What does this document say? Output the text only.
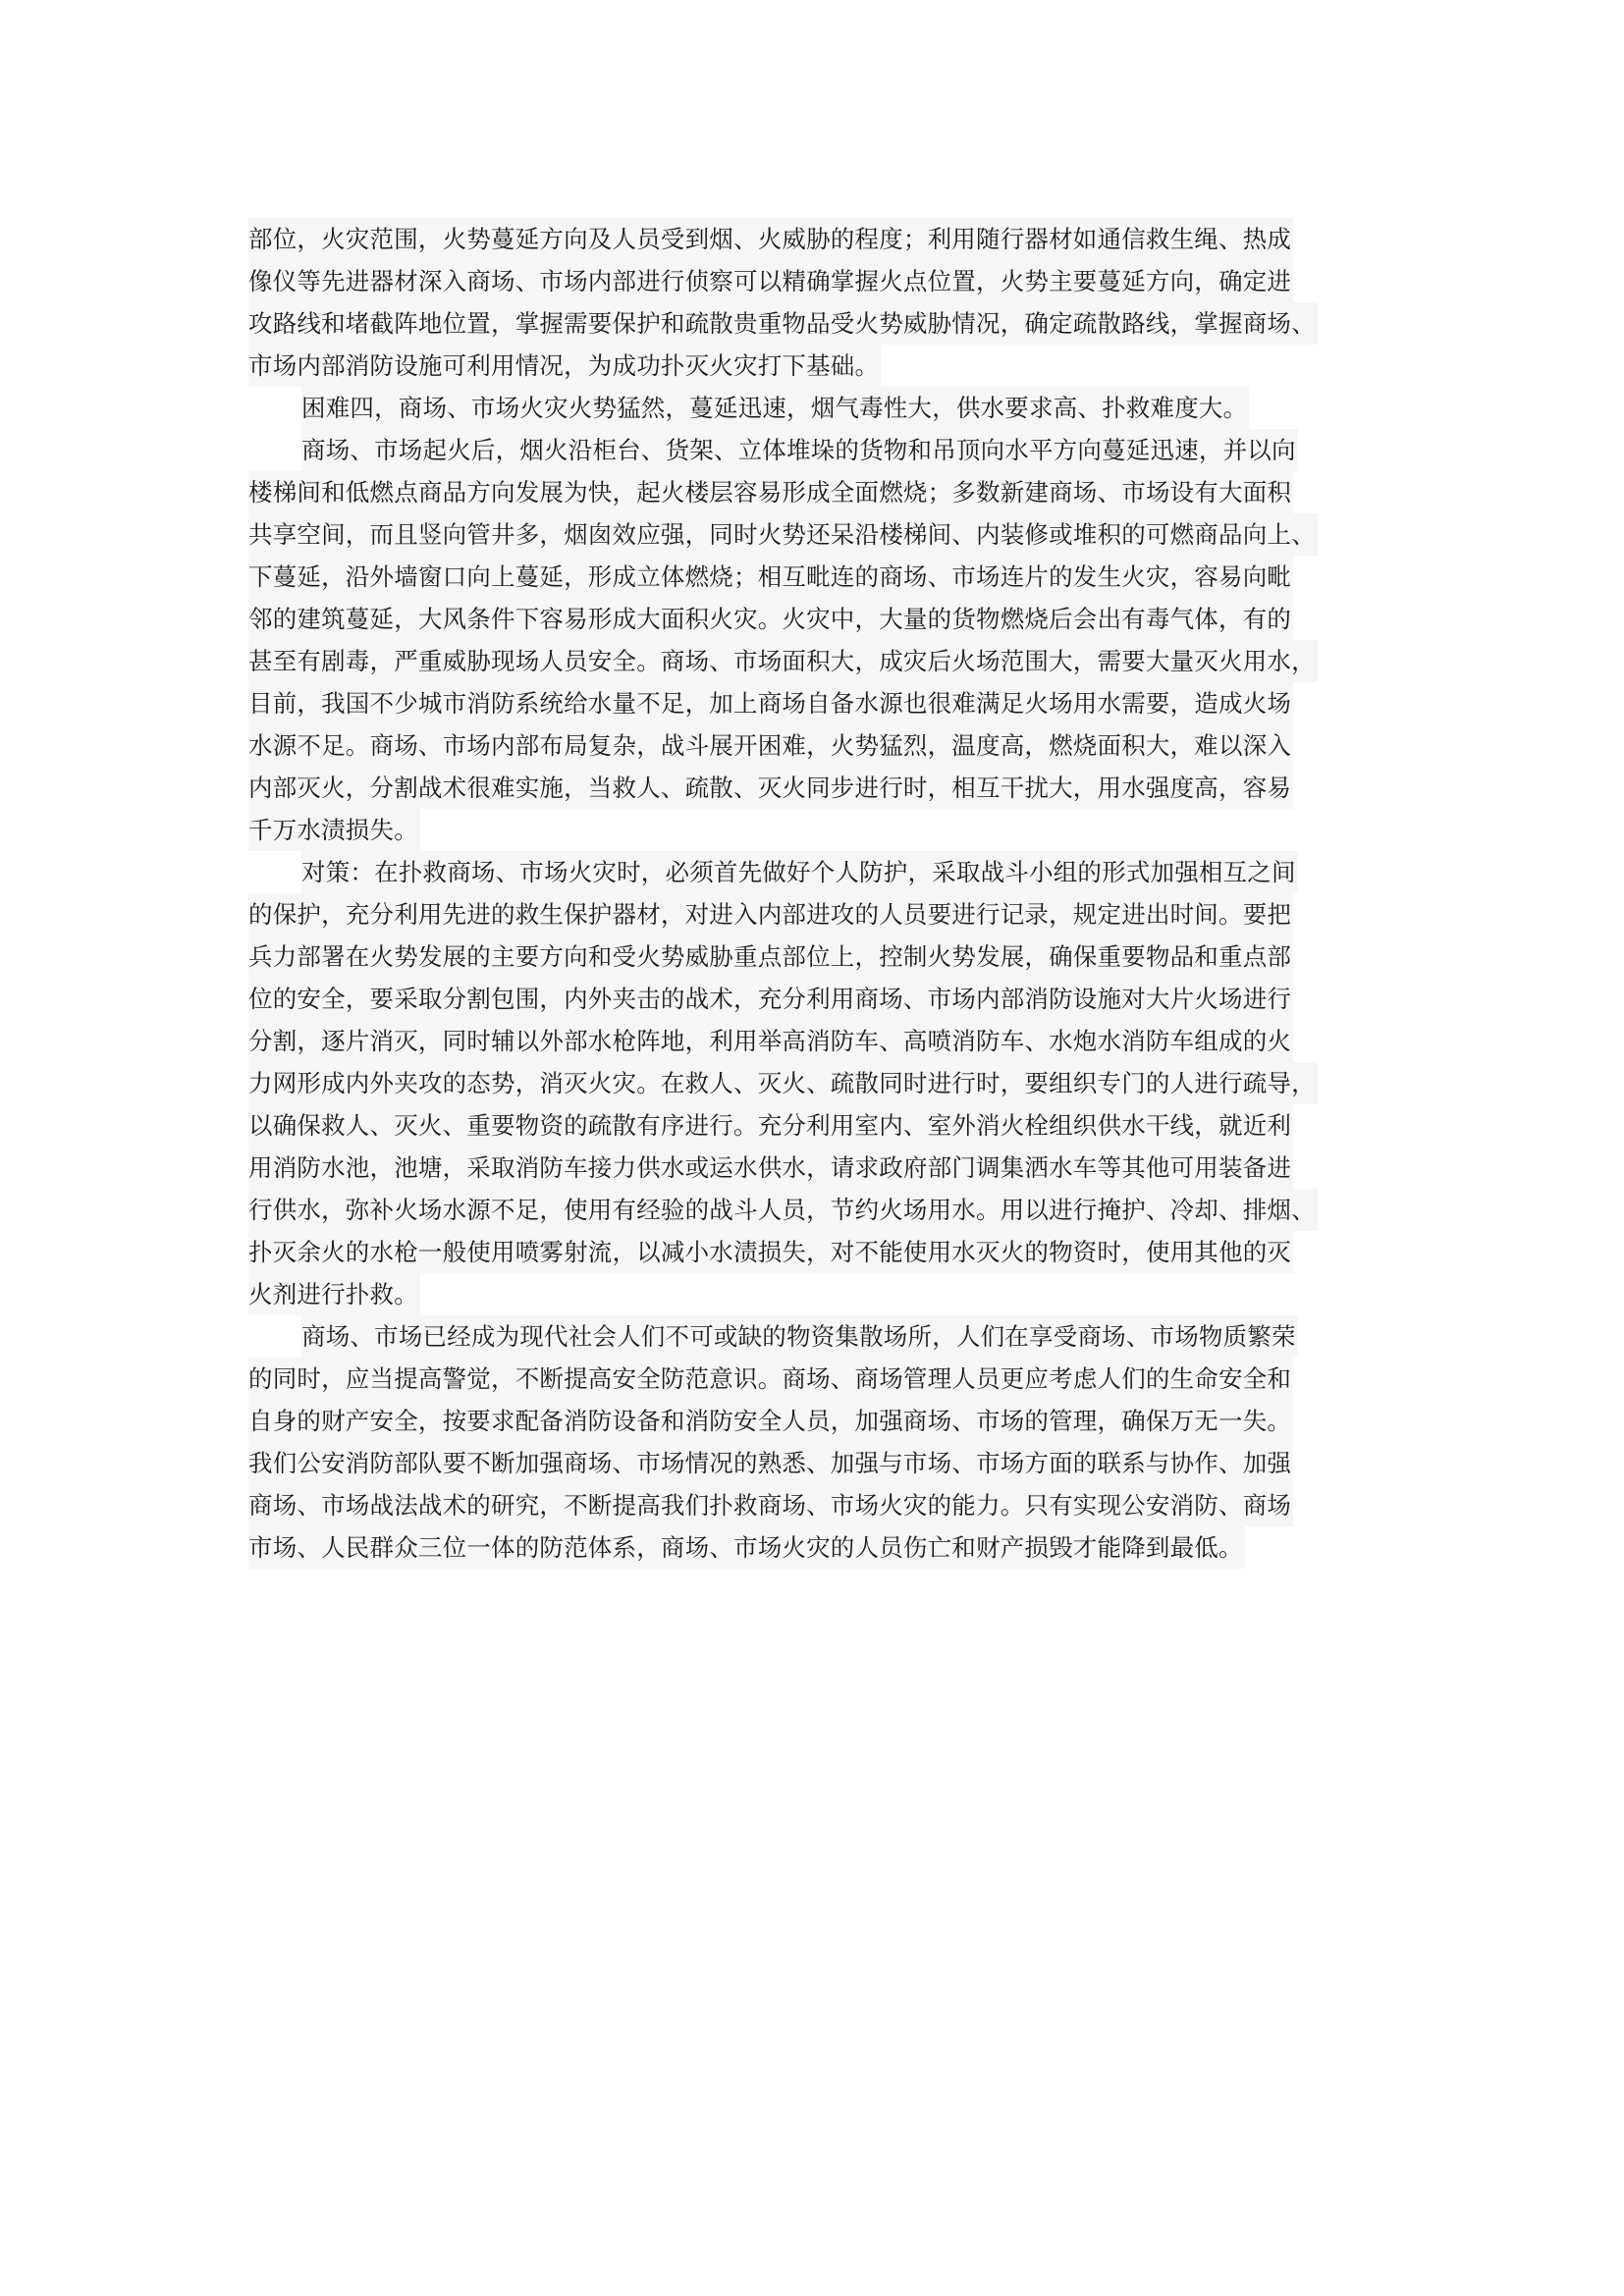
部位，火灾范围，火势蔓延方向及人员受到烟、火威胁的程度；利用随行器材如通信救生绳、热成
像仪等先进器材深入商场、市场内部进行侦察可以精确掌握火点位置，火势主要蔓延方向，确定进
攻路线和堵截阵地位置，掌握需要保护和疏散贵重物品受火势威胁情况，确定疏散路线，掌握商场、
市场内部消防设施可利用情况，为成功扑灭火灾打下基础。
困难四，商场、市场火灾火势猛然，蔓延迅速，烟气毒性大，供水要求高、扑救难度大。
商场、市场起火后，烟火沿柜台、货架、立体堆垛的货物和吊顶向水平方向蔓延迅速，并以向
楼梯间和低燃点商品方向发展为快，起火楼层容易形成全面燃烧；多数新建商场、市场设有大面积
共享空间，而且竖向管井多，烟囱效应强，同时火势还呆沿楼梯间、内装修或堆积的可燃商品向上、
下蔓延，沿外墙窗口向上蔓延，形成立体燃烧；相互毗连的商场、市场连片的发生火灾，容易向毗
邻的建筑蔓延，大风条件下容易形成大面积火灾。火灾中，大量的货物燃烧后会出有毒气体，有的
甚至有剧毒，严重威胁现场人员安全。商场、市场面积大，成灾后火场范围大，需要大量灭火用水，
目前，我国不少城市消防系统给水量不足，加上商场自备水源也很难满足火场用水需要，造成火场
水源不足。商场、市场内部布局复杂，战斗展开困难，火势猛烈，温度高，燃烧面积大，难以深入
内部灭火，分割战术很难实施，当救人、疏散、灭火同步进行时，相互干扰大，用水强度高，容易
千万水渍损失。
对策：在扑救商场、市场火灾时，必须首先做好个人防护，采取战斗小组的形式加强相互之间
的保护，充分利用先进的救生保护器材，对进入内部进攻的人员要进行记录，规定进出时间。要把
兵力部署在火势发展的主要方向和受火势威胁重点部位上，控制火势发展，确保重要物品和重点部
位的安全，要采取分割包围，内外夹击的战术，充分利用商场、市场内部消防设施对大片火场进行
分割，逐片消灭，同时辅以外部水枪阵地，利用举高消防车、高喷消防车、水炮水消防车组成的火
力网形成内外夹攻的态势，消灭火灾。在救人、灭火、疏散同时进行时，要组织专门的人进行疏导，
以确保救人、灭火、重要物资的疏散有序进行。充分利用室内、室外消火栓组织供水干线，就近利
用消防水池，池塘，采取消防车接力供水或运水供水，请求政府部门调集洒水车等其他可用装备进
行供水，弥补火场水源不足，使用有经验的战斗人员，节约火场用水。用以进行掩护、冷却、排烟、
扑灭余火的水枪一般使用喷雾射流，以减小水渍损失，对不能使用水灭火的物资时，使用其他的灭
火剂进行扑救。
商场、市场已经成为现代社会人们不可或缺的物资集散场所，人们在享受商场、市场物质繁荣
的同时，应当提高警觉，不断提高安全防范意识。商场、商场管理人员更应考虑人们的生命安全和
自身的财产安全，按要求配备消防设备和消防安全人员，加强商场、市场的管理，确保万无一失。
我们公安消防部队要不断加强商场、市场情况的熟悉、加强与市场、市场方面的联系与协作、加强
商场、市场战法战术的研究，不断提高我们扑救商场、市场火灾的能力。只有实现公安消防、商场
市场、人民群众三位一体的防范体系，商场、市场火灾的人员伤亡和财产损毁才能降到最低。
